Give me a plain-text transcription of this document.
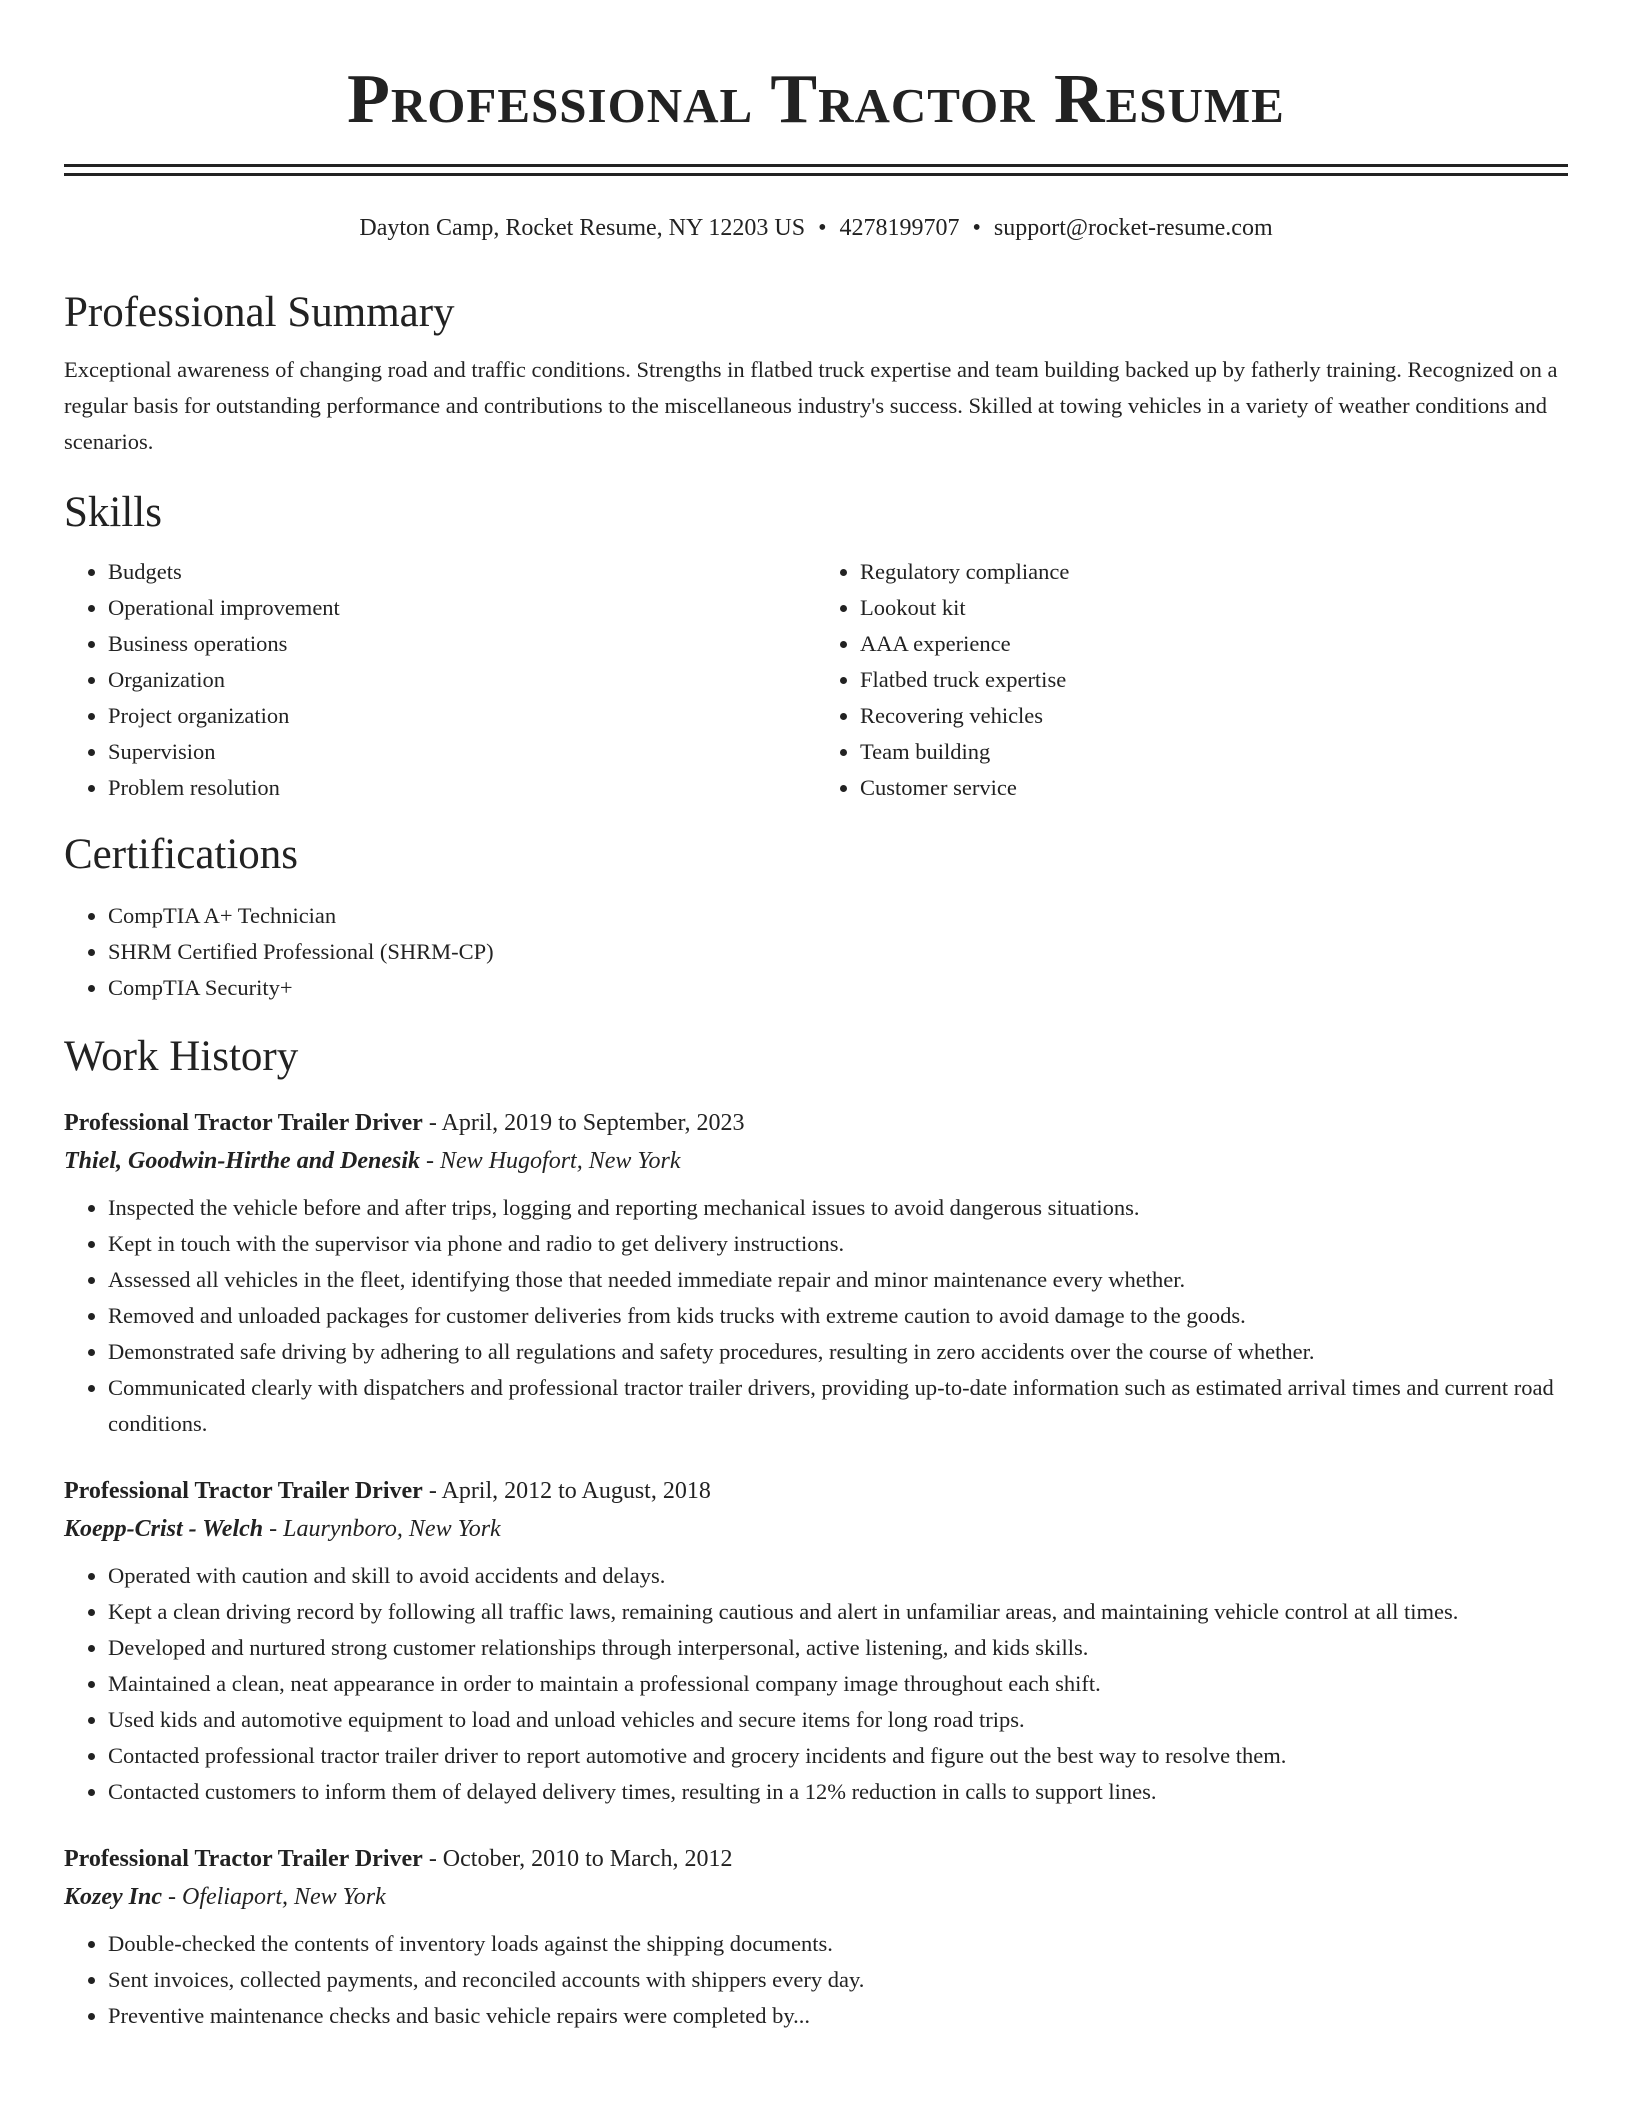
Professional Tractor Resume
Dayton Camp, Rocket Resume, NY 12203 US • 4278199707 • support@rocket-resume.com
Professional Summary

Exceptional awareness of changing road and traffic conditions. Strengths in flatbed truck expertise and team building backed up by fatherly training. Recognized on a regular basis for outstanding performance and contributions to the miscellaneous industry's success. Skilled at towing vehicles in a variety of weather conditions and scenarios.

Skills
• Budgets
• Operational improvement
• Business operations
• Organization
• Project organization
• Supervision
• Problem resolution
• Regulatory compliance
• Lookout kit
• AAA experience
• Flatbed truck expertise
• Recovering vehicles
• Team building
• Customer service
Certifications
• CompTIA A+ Technician
• SHRM Certified Professional (SHRM-CP)
• CompTIA Security+
Work History
Professional Tractor Trailer Driver - April, 2019 to September, 2023
Thiel, Goodwin-Hirthe and Denesik - New Hugofort, New York
• Inspected the vehicle before and after trips, logging and reporting mechanical issues to avoid dangerous situations.
• Kept in touch with the supervisor via phone and radio to get delivery instructions.
• Assessed all vehicles in the fleet, identifying those that needed immediate repair and minor maintenance every whether.
• Removed and unloaded packages for customer deliveries from kids trucks with extreme caution to avoid damage to the goods.
• Demonstrated safe driving by adhering to all regulations and safety procedures, resulting in zero accidents over the course of whether.
• Communicated clearly with dispatchers and professional tractor trailer drivers, providing up-to-date information such as estimated arrival times and current road conditions.
Professional Tractor Trailer Driver - April, 2012 to August, 2018
Koepp-Crist - Welch - Laurynboro, New York
• Operated with caution and skill to avoid accidents and delays.
• Kept a clean driving record by following all traffic laws, remaining cautious and alert in unfamiliar areas, and maintaining vehicle control at all times.
• Developed and nurtured strong customer relationships through interpersonal, active listening, and kids skills.
• Maintained a clean, neat appearance in order to maintain a professional company image throughout each shift.
• Used kids and automotive equipment to load and unload vehicles and secure items for long road trips.
• Contacted professional tractor trailer driver to report automotive and grocery incidents and figure out the best way to resolve them.
• Contacted customers to inform them of delayed delivery times, resulting in a 12% reduction in calls to support lines.
Professional Tractor Trailer Driver - October, 2010 to March, 2012
Kozey Inc - Ofeliaport, New York
• Double-checked the contents of inventory loads against the shipping documents.
• Sent invoices, collected payments, and reconciled accounts with shippers every day.
• Preventive maintenance checks and basic vehicle repairs were completed by...
